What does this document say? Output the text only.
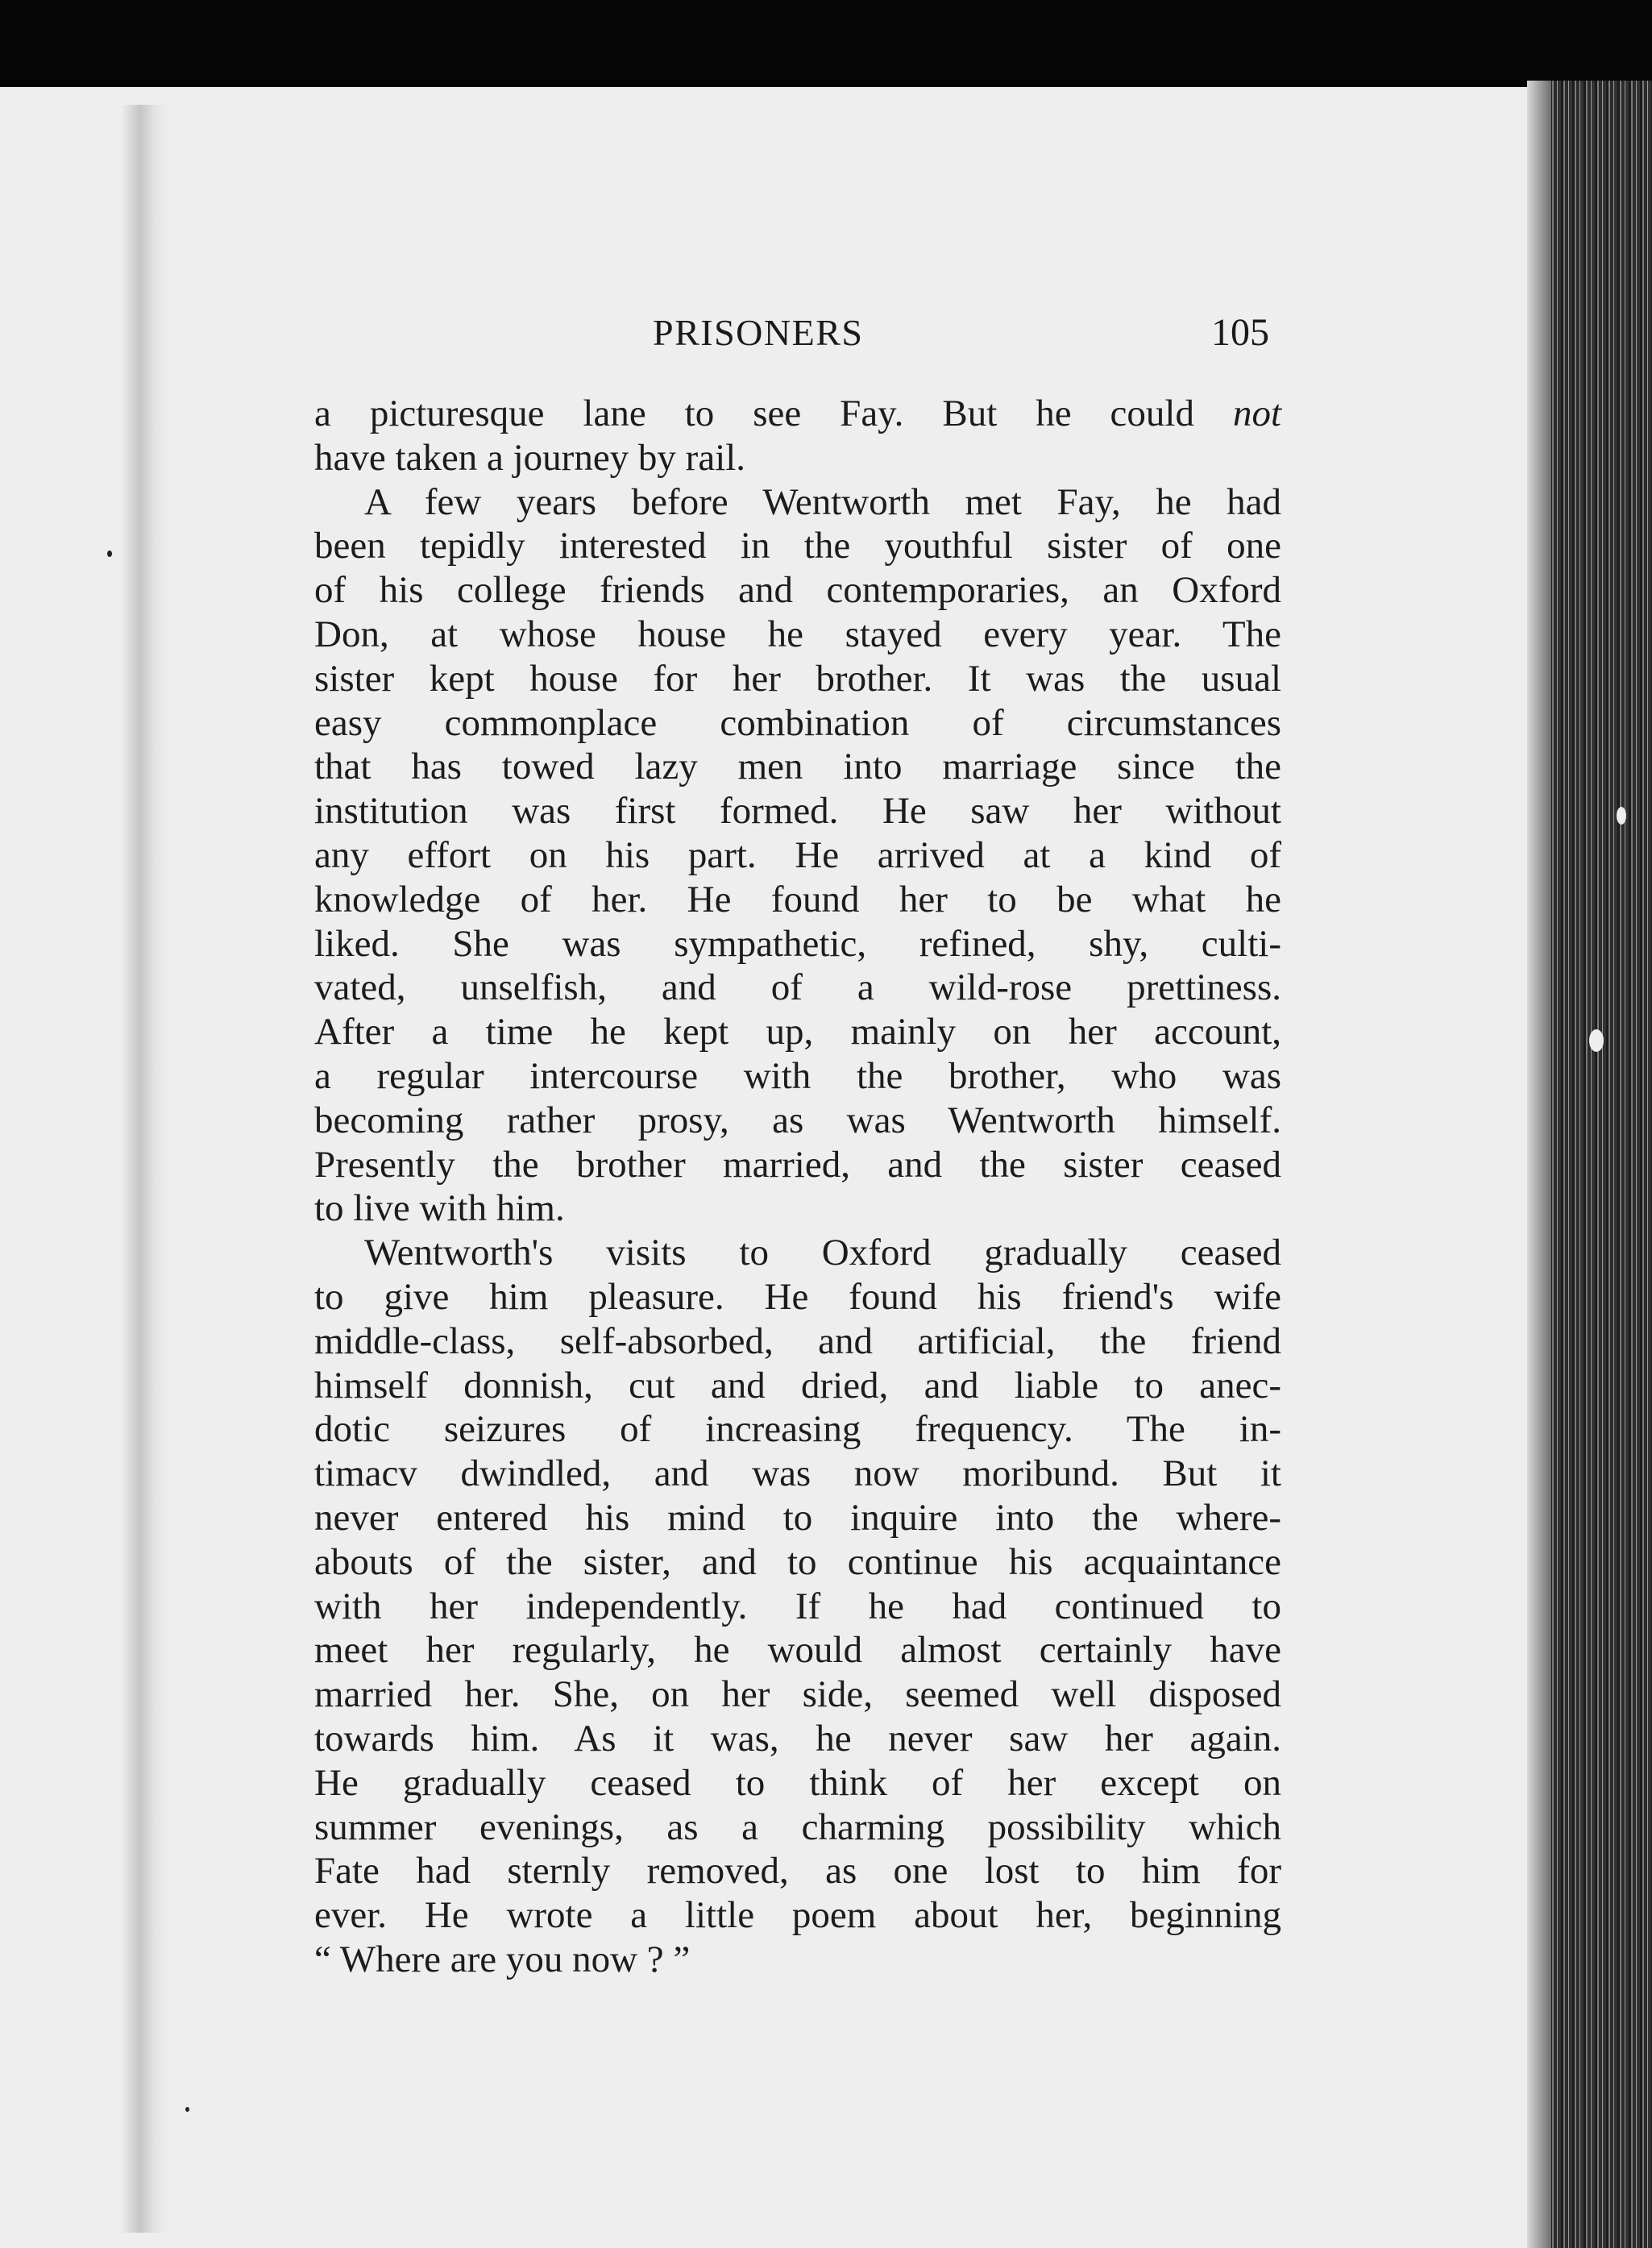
PRISONERS	105
a picturesque lane to see Fay. But he could not
have taken a journey by rail.
A few years before Wentworth met Fay, he had
been tepidly interested in the youthful sister of one
of his college friends and contemporaries, an Oxford
Don, at whose house he stayed every year. The
sister kept house for her brother. It was the usual
easy commonplace combination of circumstances
that has towed lazy men into marriage since the
institution was first formed. He saw her without
any effort on his part. He arrived at a kind of
knowledge of her. He found her to be what he
liked. She was sympathetic, refined, shy, culti-
vated, unselfish, and of a wild-rose prettiness.
After a time he kept up, mainly on her account,
a regular intercourse with the brother, who was
becoming rather prosy, as was Wentworth himself.
Presently the brother married, and the sister ceased
to live with him.
Wentworth's visits to Oxford gradually ceased
to give him pleasure. He found his friend's wife
middle-class, self-absorbed, and artificial, the friend
himself donnish, cut and dried, and liable to anec-
dotic seizures of increasing frequency. The in-
timacv dwindled, and was now moribund. But it
never entered his mind to inquire into the where-
abouts of the sister, and to continue his acquaintance
with her independently. If he had continued to
meet her regularly, he would almost certainly have
married her. She, on her side, seemed well disposed
towards him. As it was, he never saw her again.
He gradually ceased to think of her except on
summer evenings, as a charming possibility which
Fate had sternly removed, as one lost to him for
ever. He wrote a little poem about her, beginning
“ Where are you now ? ”
